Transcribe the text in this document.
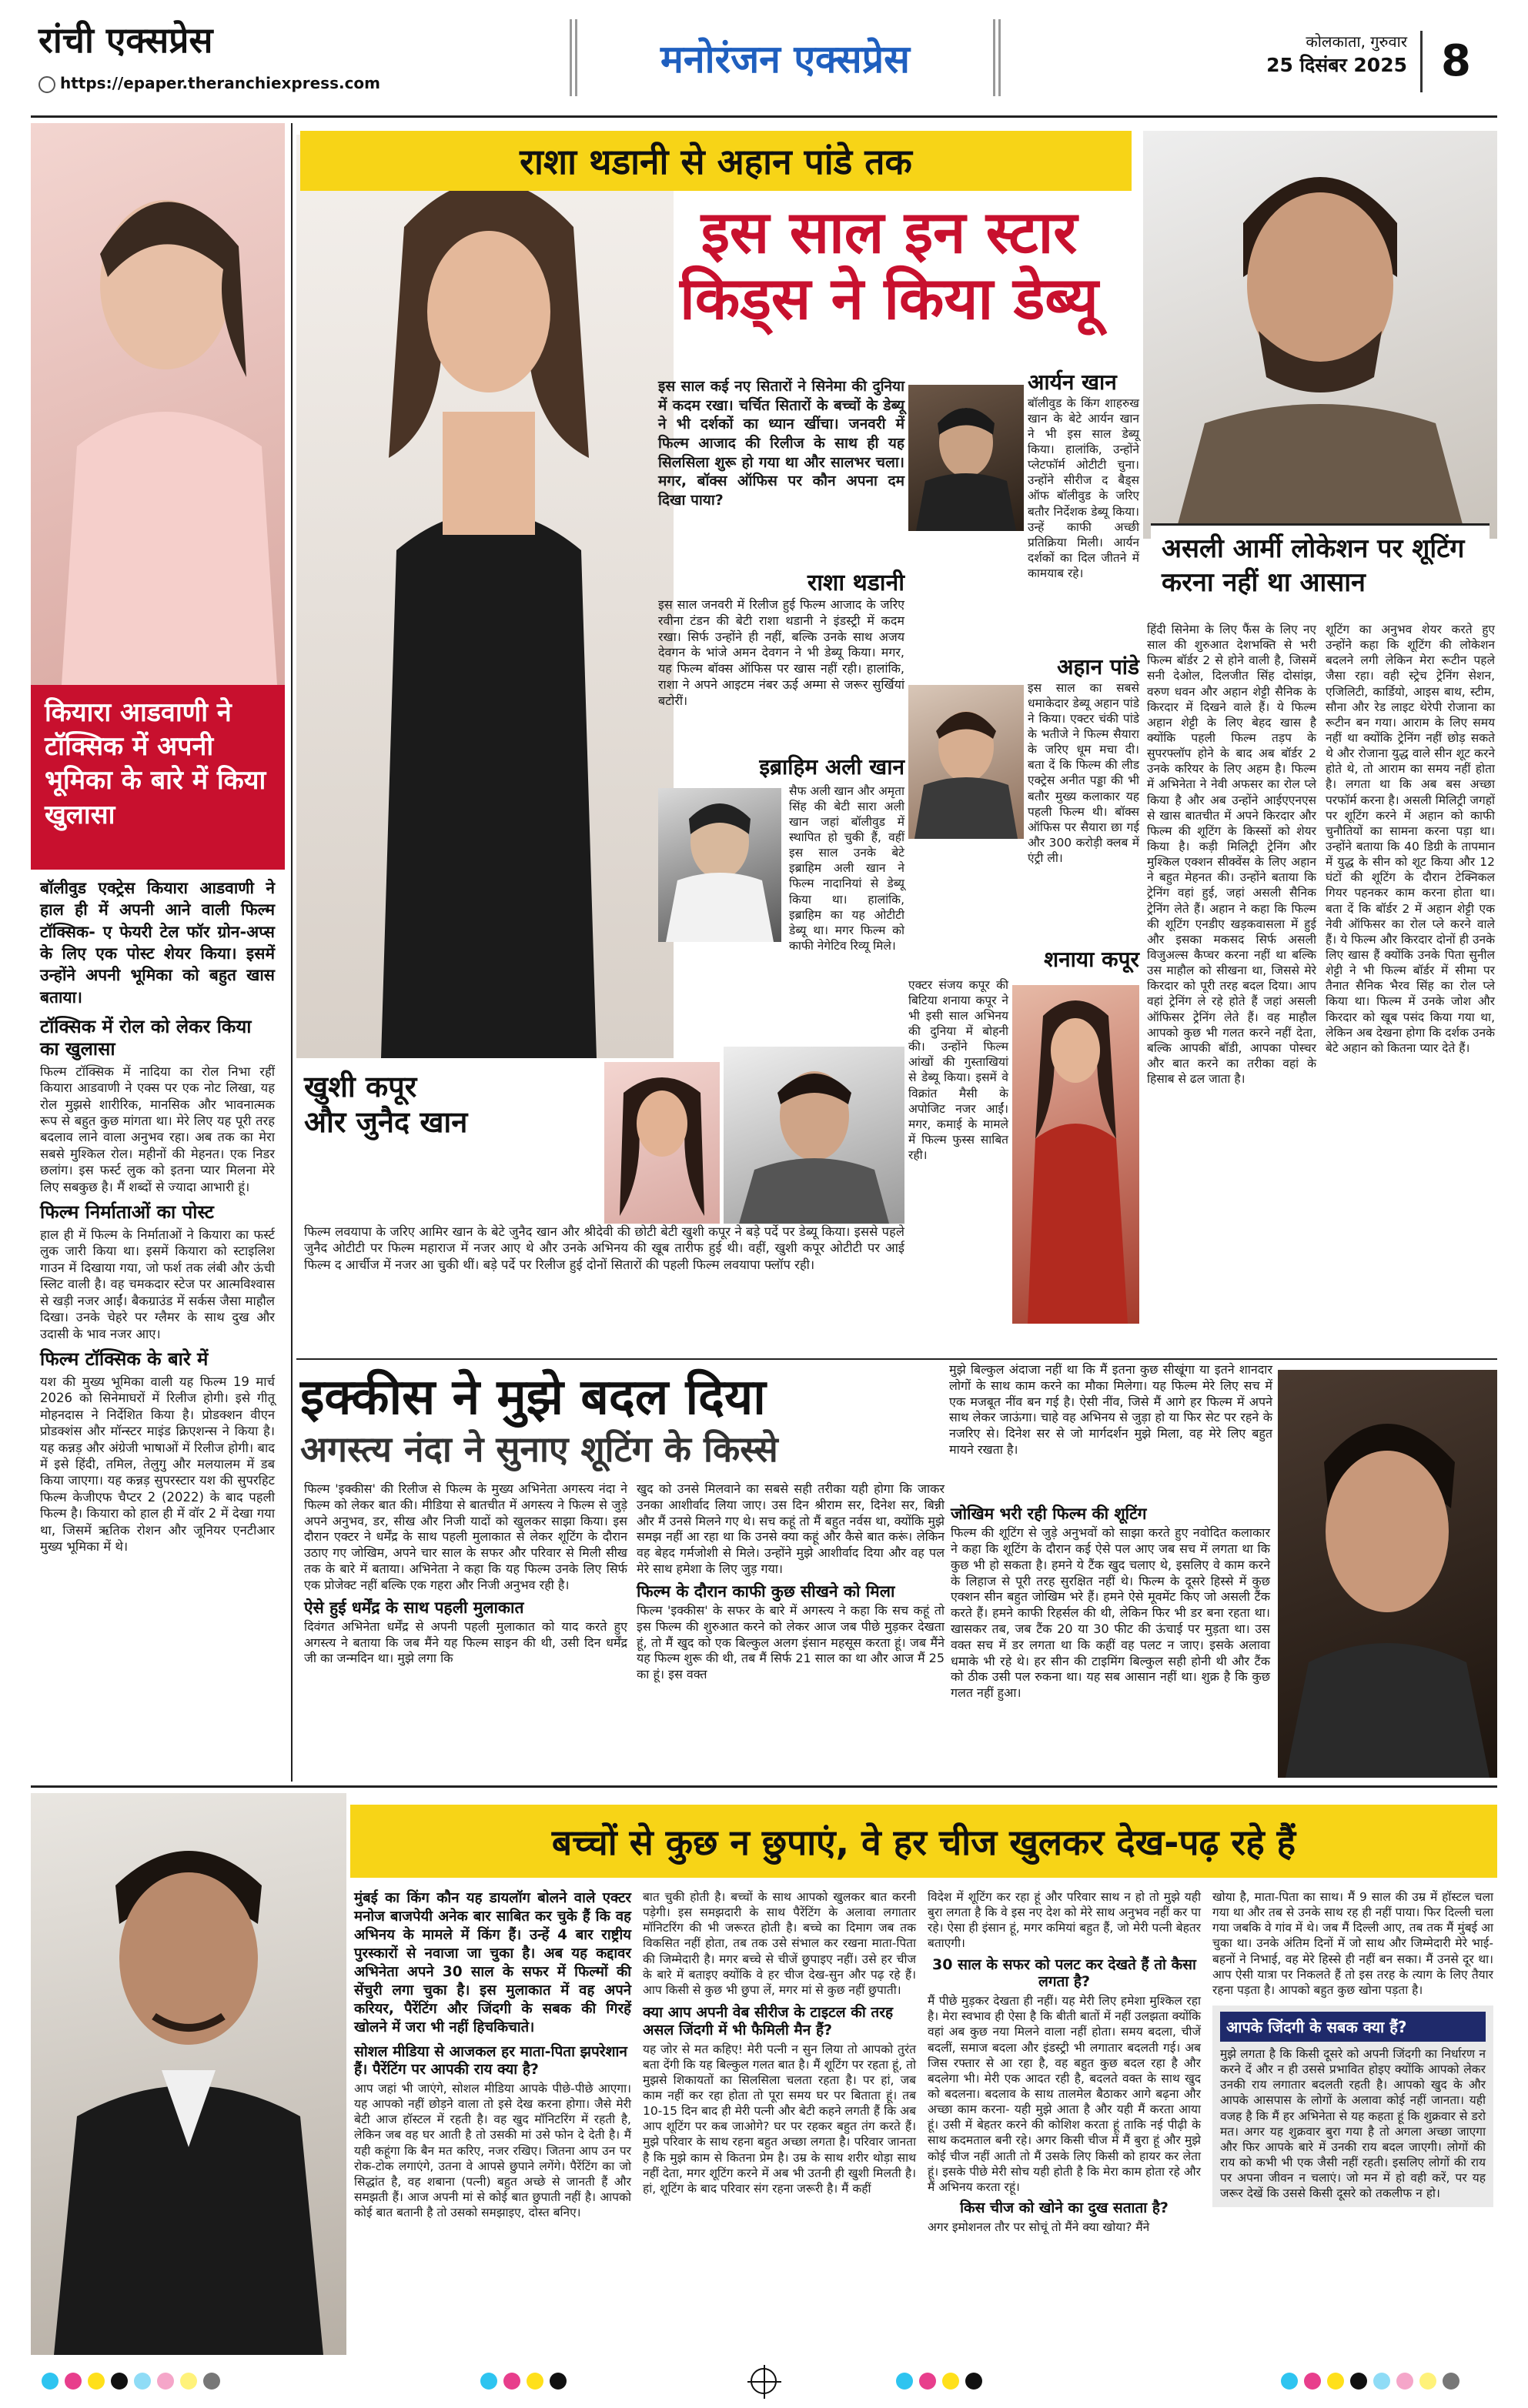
रांची एक्सप्रेस
https://epaper.theranchiexpress.com
मनोरंजन एक्सप्रेस	कोलकाता, गुरुवार
25 दिसंबर 2025 8
कियारा आडवाणी ने टॉक्सिक में अपनी भूमिका के बारे में किया खुलासा
बॉलीवुड एक्ट्रेस कियारा आडवाणी ने हाल ही में अपनी आने वाली फिल्म टॉक्सिक- ए फेयरी टेल फॉर ग्रोन-अप्स के लिए एक पोस्ट शेयर किया। इसमें उन्होंने अपनी भूमिका को बहुत खास बताया।
टॉक्सिक में रोल को लेकर किया का खुलासा
फिल्म टॉक्सिक में नादिया का रोल निभा रहीं कियारा आडवाणी ने एक्स पर एक नोट लिखा, यह रोल मुझसे शारीरिक, मानसिक और भावनात्मक रूप से बहुत कुछ मांगता था। मेरे लिए यह पूरी तरह बदलाव लाने वाला अनुभव रहा। अब तक का मेरा सबसे मुश्किल रोल। महीनों की मेहनत। एक निडर छलांग। इस फर्स्ट लुक को इतना प्यार मिलना मेरे लिए सबकुछ है। मैं शब्दों से ज्यादा आभारी हूं।
फिल्म निर्माताओं का पोस्ट
हाल ही में फिल्म के निर्माताओं ने कियारा का फर्स्ट लुक जारी किया था। इसमें कियारा को स्टाइलिश गाउन में दिखाया गया, जो फर्श तक लंबी और ऊंची स्लिट वाली है। वह चमकदार स्टेज पर आत्मविश्वास से खड़ी नजर आईं। बैकग्राउंड में सर्कस जैसा माहौल दिखा। उनके चेहरे पर ग्लैमर के साथ दुख और उदासी के भाव नजर आए।
फिल्म टॉक्सिक के बारे में
यश की मुख्य भूमिका वाली यह फिल्म 19 मार्च 2026 को सिनेमाघरों में रिलीज होगी। इसे गीतू मोहनदास ने निर्देशित किया है। प्रोडक्शन वीएन प्रोडक्शंस और मॉन्स्टर माइंड क्रिएशन्स ने किया है। यह कन्नड़ और अंग्रेजी भाषाओं में रिलीज होगी। बाद में इसे हिंदी, तमिल, तेलुगु और मलयालम में डब किया जाएगा। यह कन्नड़ सुपरस्टार यश की सुपरहिट फिल्म केजीएफ चैप्टर 2 (2022) के बाद पहली फिल्म है। कियारा को हाल ही में वॉर 2 में देखा गया था, जिसमें ऋतिक रोशन और जूनियर एनटीआर मुख्य भूमिका में थे।
राशा थडानी से अहान पांडे तक
इस साल इन स्टार
किड्स ने किया डेब्यू
इस साल कई नए सितारों ने सिनेमा की दुनिया में कदम रखा। चर्चित सितारों के बच्चों के डेब्यू ने भी दर्शकों का ध्यान खींचा। जनवरी में फिल्म आजाद की रिलीज के साथ ही यह सिलसिला शुरू हो गया था और सालभर चला। मगर, बॉक्स ऑफिस पर कौन अपना दम दिखा पाया?
राशा थडानी
इस साल जनवरी में रिलीज हुई फिल्म आजाद के जरिए रवीना टंडन की बेटी राशा थडानी ने इंडस्ट्री में कदम रखा। सिर्फ उन्होंने ही नहीं, बल्कि उनके साथ अजय देवगन के भांजे अमन देवगन ने भी डेब्यू किया। मगर, यह फिल्म बॉक्स ऑफिस पर खास नहीं रही। हालांकि, राशा ने अपने आइटम नंबर ऊई अम्मा से जरूर सुर्खियां बटोरीं।
इब्राहिम अली खान
सैफ अली खान और अमृता सिंह की बेटी सारा अली खान जहां बॉलीवुड में स्थापित हो चुकी हैं, वहीं इस साल उनके बेटे इब्राहिम अली खान ने फिल्म नादानियां से डेब्यू किया था। हालांकि, इब्राहिम का यह ओटीटी डेब्यू था। मगर फिल्म को काफी नेगेटिव रिव्यू मिले।
आर्यन खान
बॉलीवुड के किंग शाहरुख खान के बेटे आर्यन खान ने भी इस साल डेब्यू किया। हालांकि, उन्होंने प्लेटफॉर्म ओटीटी चुना। उन्होंने सीरीज द बैड्स ऑफ बॉलीवुड के जरिए बतौर निर्देशक डेब्यू किया। उन्हें काफी अच्छी प्रतिक्रिया मिली। आर्यन दर्शकों का दिल जीतने में कामयाब रहे।
अहान पांडे
इस साल का सबसे धमाकेदार डेब्यू अहान पांडे ने किया। एक्टर चंकी पांडे के भतीजे ने फिल्म सैयारा के जरिए धूम मचा दी। बता दें कि फिल्म की लीड एक्ट्रेस अनीत पड्डा की भी बतौर मुख्य कलाकार यह पहली फिल्म थी। बॉक्स ऑफिस पर सैयारा छा गई और 300 करोड़ी क्लब में एंट्री ली।
शनाया कपूर
एक्टर संजय कपूर की बिटिया शनाया कपूर ने भी इसी साल अभिनय की दुनिया में बोहनी की। उन्होंने फिल्म आंखों की गुस्ताखियां से डेब्यू किया। इसमें वे विक्रांत मैसी के अपोजिट नजर आईं। मगर, कमाई के मामले में फिल्म फुस्स साबित रही।
खुशी कपूर
और जुनैद खान
फिल्म लवयापा के जरिए आमिर खान के बेटे जुनैद खान और श्रीदेवी की छोटी बेटी खुशी कपूर ने बड़े पर्दे पर डेब्यू किया। इससे पहले जुनैद ओटीटी पर फिल्म महाराज में नजर आए थे और उनके अभिनय की खूब तारीफ हुई थी। वहीं, खुशी कपूर ओटीटी पर आई फिल्म द आर्चीज में नजर आ चुकी थीं। बड़े पर्दे पर रिलीज हुई दोनों सितारों की पहली फिल्म लवयापा फ्लॉप रही।
असली आर्मी लोकेशन पर शूटिंग करना नहीं था आसान
हिंदी सिनेमा के लिए फैंस के लिए नए साल की शुरुआत देशभक्ति से भरी फिल्म बॉर्डर 2 से होने वाली है, जिसमें सनी देओल, दिलजीत सिंह दोसांझ, वरुण धवन और अहान शेट्टी सैनिक के किरदार में दिखने वाले हैं। ये फिल्म अहान शेट्टी के लिए बेहद खास है क्योंकि पहली फिल्म तड़प के सुपरफ्लॉप होने के बाद अब बॉर्डर 2 उनके करियर के लिए अहम है। फिल्म में अभिनेता ने नेवी अफसर का रोल प्ले किया है और अब उन्होंने आईएएनएस से खास बातचीत में अपने किरदार और फिल्म की शूटिंग के किस्सों को शेयर किया है। कड़ी मिलिट्री ट्रेनिंग और मुश्किल एक्शन सीक्वेंस के लिए अहान ने बहुत मेहनत की। उन्होंने बताया कि ट्रेनिंग वहां हुई, जहां असली सैनिक ट्रेनिंग लेते हैं। अहान ने कहा कि फिल्म की शूटिंग एनडीए खड़कवासला में हुई और इसका मकसद सिर्फ असली विजुअल्स कैप्चर करना नहीं था बल्कि उस माहौल को सीखना था, जिससे मेरे किरदार को पूरी तरह बदल दिया। आप वहां ट्रेनिंग ले रहे होते हैं जहां असली ऑफिसर ट्रेनिंग लेते हैं। वह माहौल आपको कुछ भी गलत करने नहीं देता, बल्कि आपकी बॉडी, आपका पोस्चर और बात करने का तरीका वहां के हिसाब से ढल जाता है।
शूटिंग का अनुभव शेयर करते हुए उन्होंने कहा कि शूटिंग की लोकेशन बदलने लगी लेकिन मेरा रूटीन पहले जैसा रहा। वही स्ट्रेच ट्रेनिंग सेशन, एजिलिटी, कार्डियो, आइस बाथ, स्टीम, सौना और रेड लाइट थेरेपी रोजाना का रूटीन बन गया। आराम के लिए समय नहीं था क्योंकि ट्रेनिंग नहीं छोड़ सकते थे और रोजाना युद्ध वाले सीन शूट करने होते थे, तो आराम का समय नहीं होता है। लगता था कि अब बस अच्छा परफॉर्म करना है। असली मिलिट्री जगहों पर शूटिंग करने में अहान को काफी चुनौतियों का सामना करना पड़ा था। उन्होंने बताया कि 40 डिग्री के तापमान में युद्ध के सीन को शूट किया और 12 घंटों की शूटिंग के दौरान टेक्निकल गियर पहनकर काम करना होता था। बता दें कि बॉर्डर 2 में अहान शेट्टी एक नेवी ऑफिसर का रोल प्ले करने वाले हैं। ये फिल्म और किरदार दोनों ही उनके लिए खास हैं क्योंकि उनके पिता सुनील शेट्टी ने भी फिल्म बॉर्डर में सीमा पर तैनात सैनिक भैरव सिंह का रोल प्ले किया था। फिल्म में उनके जोश और किरदार को खूब पसंद किया गया था, लेकिन अब देखना होगा कि दर्शक उनके बेटे अहान को कितना प्यार देते हैं।
इक्कीस ने मुझे बदल दिया
अगस्त्य नंदा ने सुनाए शूटिंग के किस्से
मुझे बिल्कुल अंदाजा नहीं था कि मैं इतना कुछ सीखूंगा या इतने शानदार लोगों के साथ काम करने का मौका मिलेगा। यह फिल्म मेरे लिए सच में एक मजबूत नींव बन गई है। ऐसी नींव, जिसे मैं आगे हर फिल्म में अपने साथ लेकर जाऊंगा। चाहे वह अभिनय से जुड़ा हो या फिर सेट पर रहने के नजरिए से। दिनेश सर से जो मार्गदर्शन मुझे मिला, वह मेरे लिए बहुत मायने रखता है।
फिल्म 'इक्कीस' की रिलीज से फिल्म के मुख्य अभिनेता अगस्त्य नंदा ने फिल्म को लेकर बात की। मीडिया से बातचीत में अगस्त्य ने फिल्म से जुड़े अपने अनुभव, डर, सीख और निजी यादों को खुलकर साझा किया। इस दौरान एक्टर ने धर्मेंद्र के साथ पहली मुलाकात से लेकर शूटिंग के दौरान उठाए गए जोखिम, अपने चार साल के सफर और परिवार से मिली सीख तक के बारे में बताया। अभिनेता ने कहा कि यह फिल्म उनके लिए सिर्फ एक प्रोजेक्ट नहीं बल्कि एक गहरा और निजी अनुभव रही है।
ऐसे हुई धर्मेंद्र के साथ पहली मुलाकात
दिवंगत अभिनेता धर्मेंद्र से अपनी पहली मुलाकात को याद करते हुए अगस्त्य ने बताया कि जब मैंने यह फिल्म साइन की थी, उसी दिन धर्मेंद्र जी का जन्मदिन था। मुझे लगा कि
खुद को उनसे मिलवाने का सबसे सही तरीका यही होगा कि जाकर उनका आशीर्वाद लिया जाए। उस दिन श्रीराम सर, दिनेश सर, बिन्नी और मैं उनसे मिलने गए थे। सच कहूं तो मैं बहुत नर्वस था, क्योंकि मुझे समझ नहीं आ रहा था कि उनसे क्या कहूं और कैसे बात करूं। लेकिन वह बेहद गर्मजोशी से मिले। उन्होंने मुझे आशीर्वाद दिया और वह पल मेरे साथ हमेशा के लिए जुड़ गया।
फिल्म के दौरान काफी कुछ सीखने को मिला
फिल्म 'इक्कीस' के सफर के बारे में अगस्त्य ने कहा कि सच कहूं तो इस फिल्म की शुरुआत करने को लेकर आज जब पीछे मुड़कर देखता हूं, तो मैं खुद को एक बिल्कुल अलग इंसान महसूस करता हूं। जब मैंने यह फिल्म शुरू की थी, तब मैं सिर्फ 21 साल का था और आज मैं 25 का हूं। इस वक्त
जोखिम भरी रही फिल्म की शूटिंग
फिल्म की शूटिंग से जुड़े अनुभवों को साझा करते हुए नवोदित कलाकार ने कहा कि शूटिंग के दौरान कई ऐसे पल आए जब सच में लगता था कि कुछ भी हो सकता है। हमने ये टैंक खुद चलाए थे, इसलिए वे काम करने के लिहाज से पूरी तरह सुरक्षित नहीं थे। फिल्म के दूसरे हिस्से में कुछ एक्शन सीन बहुत जोखिम भरे हैं। हमने ऐसे मूवमेंट किए जो असली टैंक करते हैं। हमने काफी रिहर्सल की थी, लेकिन फिर भी डर बना रहता था। खासकर तब, जब टैंक 20 या 30 फीट की ऊंचाई पर मुड़ता था। उस वक्त सच में डर लगता था कि कहीं वह पलट न जाए। इसके अलावा धमाके भी रहे थे। हर सीन की टाइमिंग बिल्कुल सही होनी थी और टैंक को ठीक उसी पल रुकना था। यह सब आसान नहीं था। शुक्र है कि कुछ गलत नहीं हुआ।
बच्चों से कुछ न छुपाएं, वे हर चीज खुलकर देख-पढ़ रहे हैं
मुंबई का किंग कौन यह डायलॉग बोलने वाले एक्टर मनोज बाजपेयी अनेक बार साबित कर चुके हैं कि वह अभिनय के मामले में किंग हैं। उन्हें 4 बार राष्ट्रीय पुरस्कारों से नवाजा जा चुका है। अब यह कद्दावर अभिनेता अपने 30 साल के सफर में फिल्मों की सेंचुरी लगा चुका है। इस मुलाकात में वह अपने करियर, पैरेंटिंग और जिंदगी के सबक की गिरहें खोलने में जरा भी नहीं हिचकिचाते।
सोशल मीडिया से आजकल हर माता-पिता झपरेशान हैं। पैरेंटिंग पर आपकी राय क्या है?
आप जहां भी जाएंगे, सोशल मीडिया आपके पीछे-पीछे आएगा। यह आपको नहीं छोड़ने वाला तो इसे देख करना होगा। जैसे मेरी बेटी आज हॉस्टल में रहती है। वह खुद मॉनिटरिंग में रहती है, लेकिन जब वह घर आती है तो उसकी मां उसे फोन दे देती है। मैं यही कहूंगा कि बैन मत करिए, नजर रखिए। जितना आप उन पर रोक-टोक लगाएंगे, उतना वे आपसे छुपाने लगेंगे। पैरेंटिंग का जो सिद्धांत है, वह शबाना (पत्नी) बहुत अच्छे से जानती हैं और समझती हैं। आज अपनी मां से कोई बात छुपाती नहीं है। आपको कोई बात बतानी है तो उसको समझाइए, दोस्त बनिए।
बात चुकी होती है। बच्चों के साथ आपको खुलकर बात करनी पड़ेगी। इस समझदारी के साथ पैरेंटिंग के अलावा लगातार मॉनिटरिंग की भी जरूरत होती है। बच्चे का दिमाग जब तक विकसित नहीं होता, तब तक उसे संभाल कर रखना माता-पिता की जिम्मेदारी है। मगर बच्चे से चीजें छुपाइए नहीं। उसे हर चीज के बारे में बताइए क्योंकि वे हर चीज देख-सुन और पढ़ रहे हैं। आप किसी से कुछ भी छुपा लें, मगर मां से कुछ नहीं छुपाती।
क्या आप अपनी वेब सीरीज के टाइटल की तरह असल जिंदगी में भी फैमिली मैन हैं?
यह जोर से मत कहिए! मेरी पत्नी न सुन लिया तो आपको तुरंत बता देंगी कि यह बिल्कुल गलत बात है। मैं शूटिंग पर रहता हूं, तो मुझसे शिकायतों का सिलसिला चलता रहता है। पर हां, जब काम नहीं कर रहा होता तो पूरा समय घर पर बिताता हूं। तब 10-15 दिन बाद ही मेरी पत्नी और बेटी कहने लगती हैं कि अब आप शूटिंग पर कब जाओगे? घर पर रहकर बहुत तंग करते हैं। मुझे परिवार के साथ रहना बहुत अच्छा लगता है। परिवार जानता है कि मुझे काम से कितना प्रेम है। उम्र के साथ शरीर थोड़ा साथ नहीं देता, मगर शूटिंग करने में अब भी उतनी ही खुशी मिलती है। हां, शूटिंग के बाद परिवार संग रहना जरूरी है। मैं कहीं
विदेश में शूटिंग कर रहा हूं और परिवार साथ न हो तो मुझे यही बुरा लगता है कि वे इस नए देश को मेरे साथ अनुभव नहीं कर पा रहे। ऐसा ही इंसान हूं, मगर कमियां बहुत हैं, जो मेरी पत्नी बेहतर बताएगी।
30 साल के सफर को पलट कर देखते हैं तो कैसा लगता है?
मैं पीछे मुड़कर देखता ही नहीं। यह मेरी लिए हमेशा मुश्किल रहा है। मेरा स्वभाव ही ऐसा है कि बीती बातों में नहीं उलझता क्योंकि वहां अब कुछ नया मिलने वाला नहीं होता। समय बदला, चीजें बदलीं, समाज बदला और इंडस्ट्री भी लगातार बदलती गई। अब जिस रफ्तार से आ रहा है, वह बहुत कुछ बदल रहा है और बदलेगा भी। मेरी एक आदत रही है, बदलते वक्त के साथ खुद को बदलना। बदलाव के साथ तालमेल बैठाकर आगे बढ़ना और अच्छा काम करना- यही मुझे आता है और यही मैं करता आया हूं। उसी में बेहतर करने की कोशिश करता हूं ताकि नई पीढ़ी के साथ कदमताल बनी रहे। अगर किसी चीज में मैं बुरा हूं और मुझे कोई चीज नहीं आती तो मैं उसके लिए किसी को हायर कर लेता हूं। इसके पीछे मेरी सोच यही होती है कि मेरा काम होता रहे और मैं अभिनय करता रहूं।
किस चीज को खोने का दुख सताता है?
अगर इमोशनल तौर पर सोचूं तो मैंने क्या खोया? मैंने
खोया है, माता-पिता का साथ। मैं 9 साल की उम्र में हॉस्टल चला गया था और तब से उनके साथ रह ही नहीं पाया। फिर दिल्ली चला गया जबकि वे गांव में थे। जब मैं दिल्ली आए, तब तक मैं मुंबई आ चुका था। उनके अंतिम दिनों में जो साथ और जिम्मेदारी मेरे भाई-बहनों ने निभाई, वह मेरे हिस्से ही नहीं बन सका। मैं उनसे दूर था। आप ऐसी यात्रा पर निकलते हैं तो इस तरह के त्याग के लिए तैयार रहना पड़ता है। आपको बहुत कुछ खोना पड़ता है।
आपके जिंदगी के सबक क्या हैं?
मुझे लगता है कि किसी दूसरे को अपनी जिंदगी का निर्धारण न करने दें और न ही उससे प्रभावित होइए क्योंकि आपको लेकर उनकी राय लगातार बदलती रहती है। आपको खुद के और आपके आसपास के लोगों के अलावा कोई नहीं जानता। यही वजह है कि मैं हर अभिनेता से यह कहता हूं कि शुक्रवार से डरो मत। अगर यह शुक्रवार बुरा गया है तो अगला अच्छा जाएगा और फिर आपके बारे में उनकी राय बदल जाएगी। लोगों की राय को कभी भी एक जैसी नहीं रहती। इसलिए लोगों की राय पर अपना जीवन न चलाएं। जो मन में हो वही करें, पर यह जरूर देखें कि उससे किसी दूसरे को तकलीफ न हो।
